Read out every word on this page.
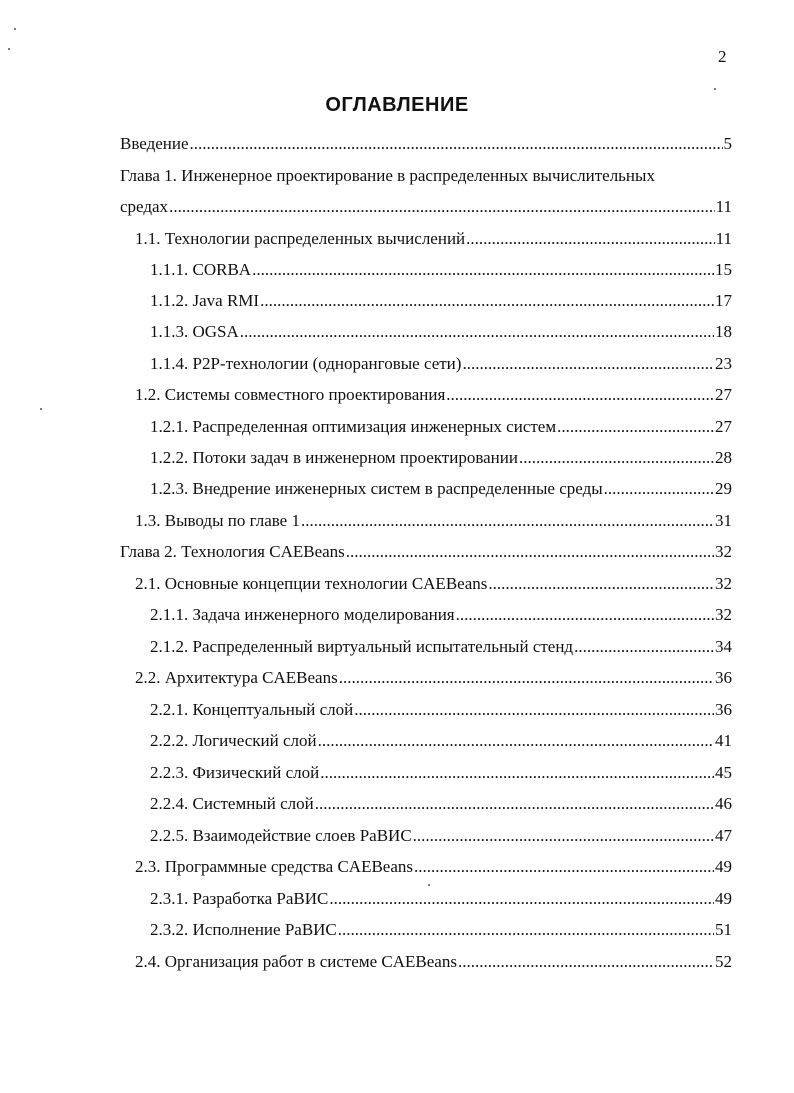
2
ОГЛАВЛЕНИЕ
Введение .....	5
Глава 1. Инженерное проектирование в распределенных вычислительных
средах .....	11
1.1. Технологии распределенных вычислений .....	11
1.1.1. CORBA .....	15
1.1.2. Java RMI .....	17
1.1.3. OGSA .....	18
1.1.4. P2P-технологии (одноранговые сети) .....	23
1.2. Системы совместного проектирования .....	27
1.2.1. Распределенная оптимизация инженерных систем .....	27
1.2.2. Потоки задач в инженерном проектировании .....	28
1.2.3. Внедрение инженерных систем в распределенные среды .....	29
1.3. Выводы по главе 1 .....	31
Глава 2. Технология CAEBeans .....	32
2.1. Основные концепции технологии CAEBeans .....	32
2.1.1. Задача инженерного моделирования .....	32
2.1.2. Распределенный виртуальный испытательный стенд .....	34
2.2. Архитектура CAEBeans .....	36
2.2.1. Концептуальный слой .....	36
2.2.2. Логический слой .....	41
2.2.3. Физический слой .....	45
2.2.4. Системный слой .....	46
2.2.5. Взаимодействие слоев РаВИС .....	47
2.3. Программные средства CAEBeans .....	49
2.3.1. Разработка РаВИС .....	49
2.3.2. Исполнение РаВИС .....	51
2.4. Организация работ в системе CAEBeans .....	52
